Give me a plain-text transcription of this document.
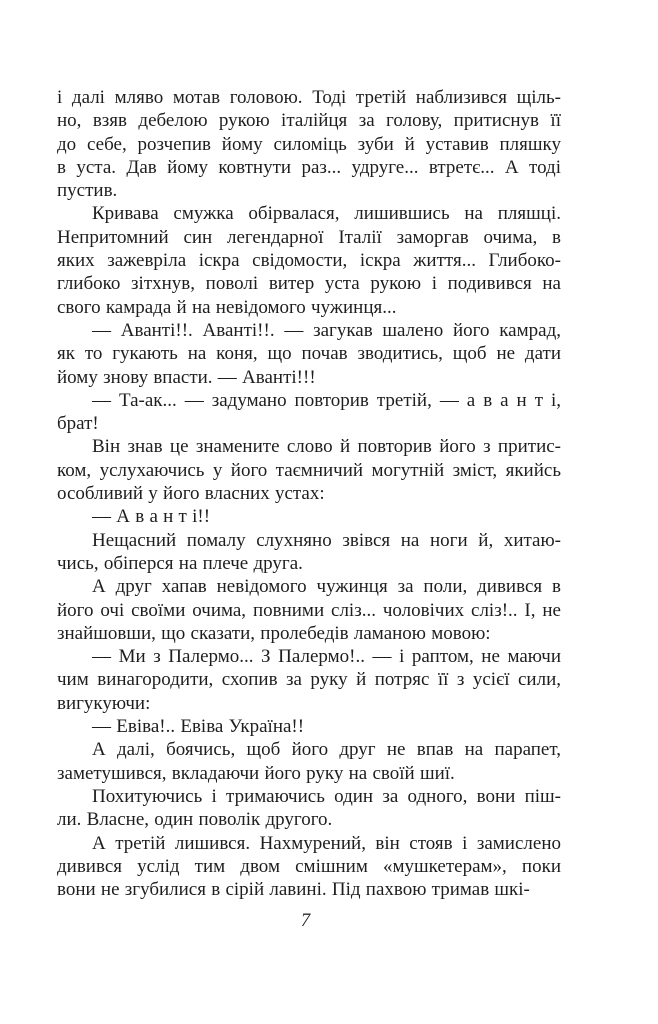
і далі мляво мотав головою. Тоді третій наблизився щіль-
но, взяв дебелою рукою італійця за голову, притиснув її
до себе, розчепив йому силоміць зуби й уставив пляшку
в уста. Дав йому ковтнути раз... удруге... втретє... А тоді
пустив.
Кривава смужка обірвалася, лишившись на пляшці.
Непритомний син легендарної Італії заморгав очима, в
яких зажевріла іскра свідомости, іскра життя... Глибоко-
глибоко зітхнув, поволі витер уста рукою і подивився на
свого камрада й на невідомого чужинця...
— Аванті!!. Аванті!!. — загукав шалено його камрад,
як то гукають на коня, що почав зводитись, щоб не дати
йому знову впасти. — Аванті!!!
— Та-ак... — задумано повторив третій, — а в а н т і,
брат!
Він знав це знамените слово й повторив його з притис-
ком, услухаючись у його таємничий могутній зміст, якийсь
особливий у його власних устах:
— А в а н т і!!
Нещасний помалу слухняно звівся на ноги й, хитаю-
чись, обіперся на плече друга.
А друг хапав невідомого чужинця за поли, дивився в
його очі своїми очима, повними сліз... чоловічих сліз!.. І, не
знайшовши, що сказати, пролебедів ламаною мовою:
— Ми з Палермо... З Палермо!.. — і раптом, не маючи
чим винагородити, схопив за руку й потряс її з усієї сили,
вигукуючи:
— Евіва!.. Евіва Україна!!
А далі, боячись, щоб його друг не впав на парапет,
заметушився, вкладаючи його руку на своїй шиї.
Похитуючись і тримаючись один за одного, вони піш-
ли. Власне, один поволік другого.
А третій лишився. Нахмурений, він стояв і замислено
дивився услід тим двом смішним «мушкетерам», поки
вони не згубилися в сірій лавині. Під пахвою тримав шкі-
7
